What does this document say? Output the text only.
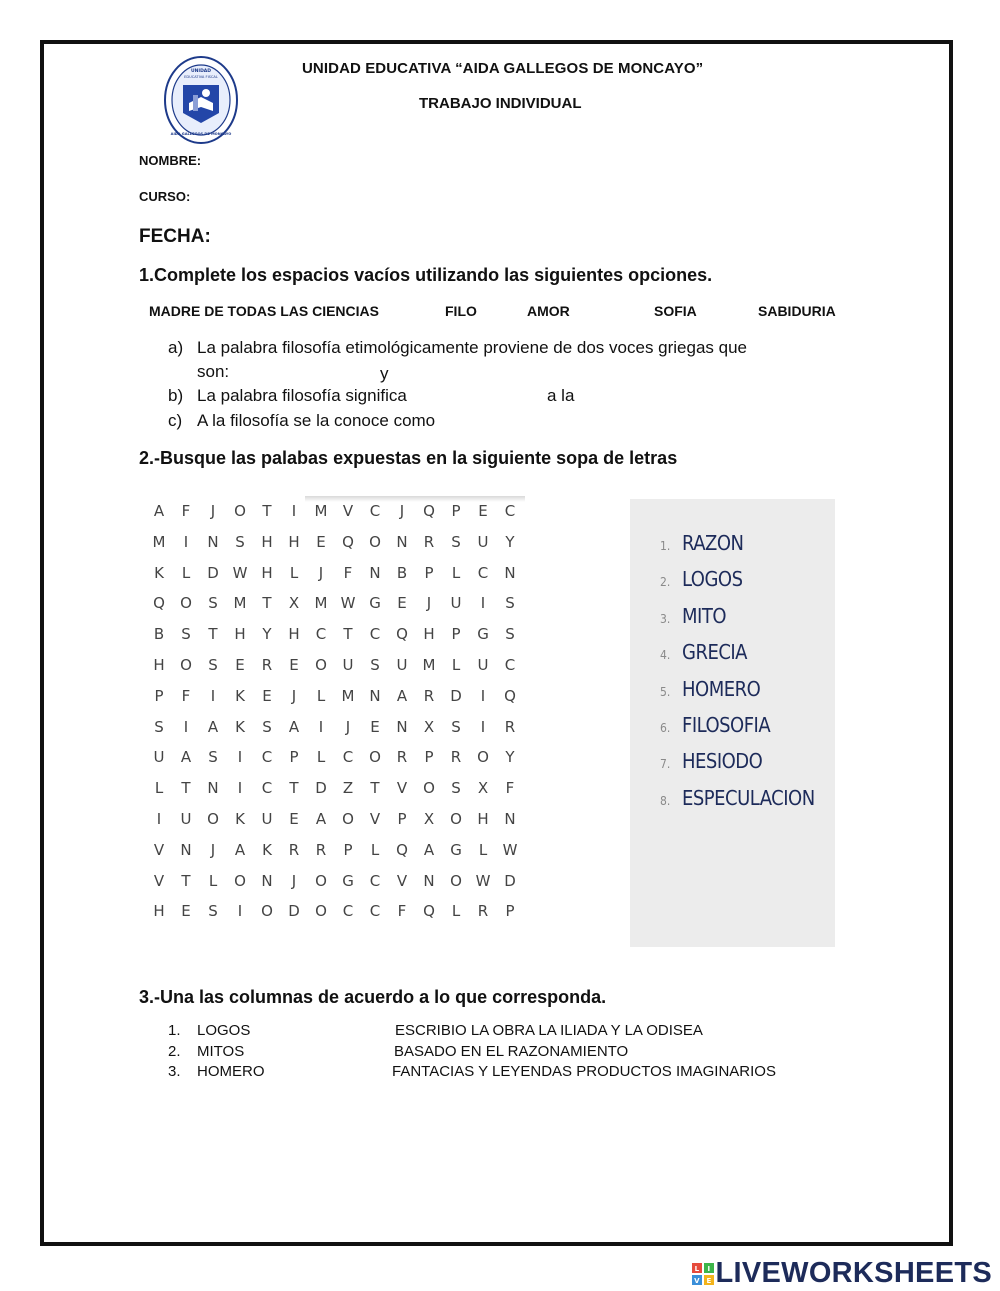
UNIDAD
EDUCATIVA FISCAL
AIDA GALLEGOS DE MONCAYO
UNIDAD EDUCATIVA “AIDA GALLEGOS DE MONCAYO”
TRABAJO INDIVIDUAL
NOMBRE:
CURSO:
FECHA:
1.Complete los espacios vacíos utilizando las siguientes opciones.
MADRE DE TODAS LAS CIENCIAS	FILO	AMOR	SOFIA	SABIDURIA
a) La palabra filosofía etimológicamente proviene de dos voces griegas que
son:	y
b) La palabra filosofía significa	a la
c) A la filosofía se la conoce como
2.-Busque las palabas expuestas en la siguiente sopa de letras
A	F	J	O	T	I	M	V	C	J	Q	P	E	C
M	I	N	S	H	H	E	Q	O	N	R	S	U	Y
K	L	D W H	L	J	F	N	B	P	L	C	N
Q	O	S	M	T	X	M W G	E	J	U	I	S
B	S	T	H	Y	H	C	T	C	Q	H	P	G	S
H	O	S	E	R	E	O	U	S	U	M	L	U	C
P	F	I	K	E	J	L	M N	A	R	D	I	Q
S	I	A	K	S	A	I	J	E	N	X	S	I	R
U	A	S	I	C	P	L	C	O	R	P	R	O	Y
L	T	N	I	C	T	D	Z	T	V	O	S	X	F
I	U	O	K	U	E	A	O	V	P	X	O	H	N
V	N	J	A	K	R	R	P	L	Q	A	G	L	W
V	T	L	O	N	J	O	G	C	V	N	O W D
H	E	S	I	O	D	O	C	C	F	Q	L	R	P
1. RAZON
2. LOGOS
3. MITO
4. GRECIA
5. HOMERO
6. FILOSOFIA
7. HESIODO
8. ESPECULACION
3.-Una las columnas de acuerdo a lo que corresponda.
1. LOGOS	ESCRIBIO LA OBRA LA ILIADA Y LA ODISEA
2. MITOS	BASADO EN EL RAZONAMIENTO
3. HOMERO	FANTACIAS Y LEYENDAS PRODUCTOS IMAGINARIOS
L I
V E LIVEWORKSHEETS
